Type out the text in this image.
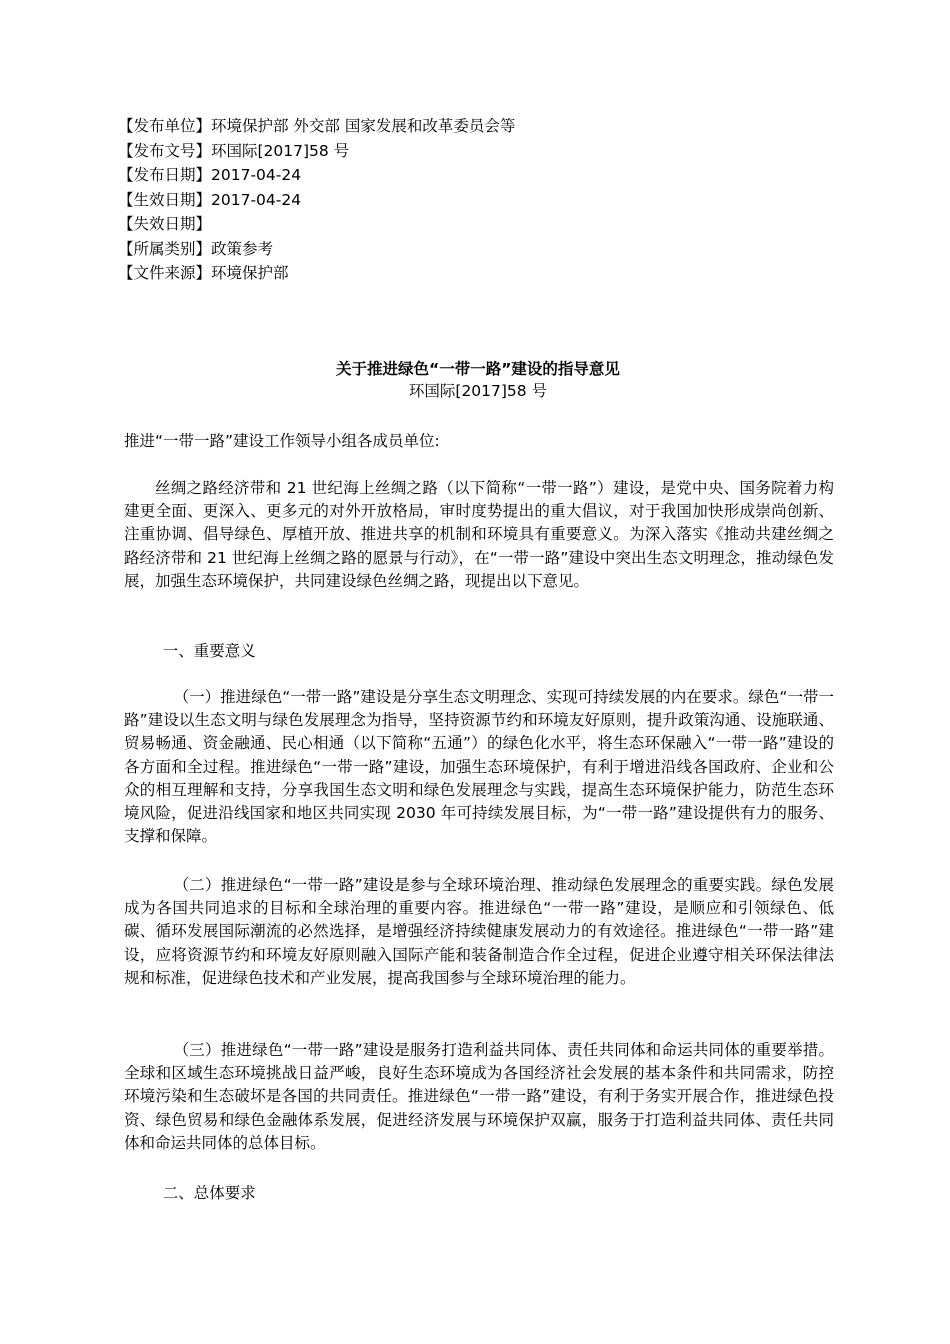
【发布单位】环境保护部 外交部 国家发展和改革委员会等
【发布文号】环国际[2017]58 号
【发布日期】2017-04-24
【生效日期】2017-04-24
【失效日期】
【所属类别】政策参考
【文件来源】环境保护部
关于推进绿色“一带一路”建设的指导意见
环国际[2017]58 号
推进“一带一路”建设工作领导小组各成员单位:
丝绸之路经济带和 21 世纪海上丝绸之路（以下简称“一带一路”）建设，是党中央、国务院着力构建更全面、更深入、更多元的对外开放格局，审时度势提出的重大倡议，对于我国加快形成崇尚创新、注重协调、倡导绿色、厚植开放、推进共享的机制和环境具有重要意义。为深入落实《推动共建丝绸之路经济带和 21 世纪海上丝绸之路的愿景与行动》，在“一带一路”建设中突出生态文明理念，推动绿色发展，加强生态环境保护，共同建设绿色丝绸之路，现提出以下意见。
一、重要意义
（一）推进绿色“一带一路”建设是分享生态文明理念、实现可持续发展的内在要求。绿色“一带一路”建设以生态文明与绿色发展理念为指导，坚持资源节约和环境友好原则，提升政策沟通、设施联通、贸易畅通、资金融通、民心相通（以下简称“五通”）的绿色化水平，将生态环保融入“一带一路”建设的各方面和全过程。推进绿色“一带一路”建设，加强生态环境保护，有利于增进沿线各国政府、企业和公众的相互理解和支持，分享我国生态文明和绿色发展理念与实践，提高生态环境保护能力，防范生态环境风险，促进沿线国家和地区共同实现 2030 年可持续发展目标，为“一带一路”建设提供有力的服务、支撑和保障。
（二）推进绿色“一带一路”建设是参与全球环境治理、推动绿色发展理念的重要实践。绿色发展成为各国共同追求的目标和全球治理的重要内容。推进绿色“一带一路”建设，是顺应和引领绿色、低碳、循环发展国际潮流的必然选择，是增强经济持续健康发展动力的有效途径。推进绿色“一带一路”建设，应将资源节约和环境友好原则融入国际产能和装备制造合作全过程，促进企业遵守相关环保法律法规和标准，促进绿色技术和产业发展，提高我国参与全球环境治理的能力。
（三）推进绿色“一带一路”建设是服务打造利益共同体、责任共同体和命运共同体的重要举措。全球和区域生态环境挑战日益严峻，良好生态环境成为各国经济社会发展的基本条件和共同需求，防控环境污染和生态破坏是各国的共同责任。推进绿色“一带一路”建设，有利于务实开展合作，推进绿色投资、绿色贸易和绿色金融体系发展，促进经济发展与环境保护双赢，服务于打造利益共同体、责任共同体和命运共同体的总体目标。
二、总体要求
